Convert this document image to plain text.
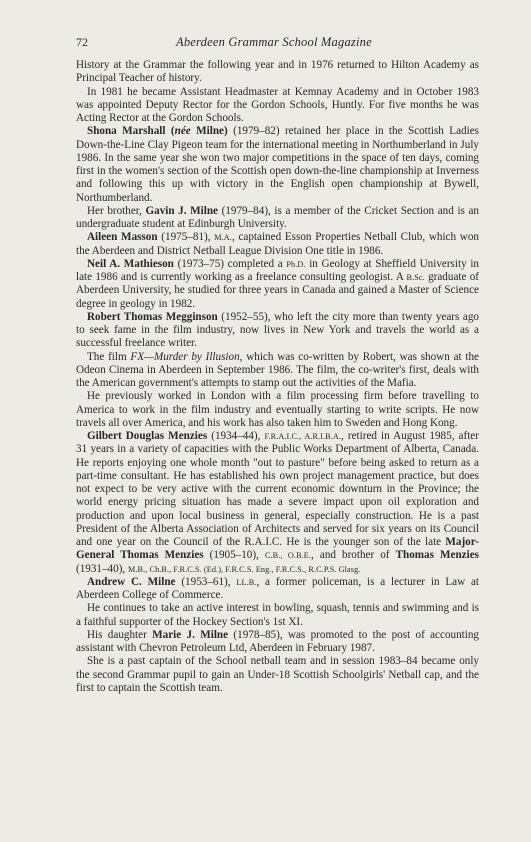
72	Aberdeen Grammar School Magazine

History at the Grammar the following year and in 1976 returned to Hilton Academy as Principal Teacher of history.

In 1981 he became Assistant Headmaster at Kemnay Academy and in October 1983 was appointed Deputy Rector for the Gordon Schools, Huntly. For five months he was Acting Rector at the Gordon Schools.

Shona Marshall (née Milne) (1979–82) retained her place in the Scottish Ladies Down-the-Line Clay Pigeon team for the international meeting in Northumberland in July 1986. In the same year she won two major competitions in the space of ten days, coming first in the women's section of the Scottish open down-the-line championship at Inverness and following this up with victory in the English open championship at Bywell, Northumberland.

Her brother, Gavin J. Milne (1979–84), is a member of the Cricket Section and is an undergraduate student at Edinburgh University.

Aileen Masson (1975–81), M.A., captained Esson Properties Netball Club, which won the Aberdeen and District Netball League Division One title in 1986.

Neil A. Mathieson (1973–75) completed a Ph.D. in Geology at Sheffield University in late 1986 and is currently working as a freelance consulting geologist. A B.Sc. graduate of Aberdeen University, he studied for three years in Canada and gained a Master of Science degree in geology in 1982.

Robert Thomas Megginson (1952–55), who left the city more than twenty years ago to seek fame in the film industry, now lives in New York and travels the world as a successful freelance writer.

The film FX—Murder by Illusion, which was co-written by Robert, was shown at the Odeon Cinema in Aberdeen in September 1986. The film, the co-writer's first, deals with the American government's attempts to stamp out the activities of the Mafia.

He previously worked in London with a film processing firm before travelling to America to work in the film industry and eventually starting to write scripts. He now travels all over America, and his work has also taken him to Sweden and Hong Kong.

Gilbert Douglas Menzies (1934–44), F.R.A.I.C., A.R.I.B.A., retired in August 1985, after 31 years in a variety of capacities with the Public Works Department of Alberta, Canada. He reports enjoying one whole month "out to pasture" before being asked to return as a part-time consultant. He has established his own project management practice, but does not expect to be very active with the current economic downturn in the Province; the world energy pricing situation has made a severe impact upon oil exploration and production and upon local business in general, especially construction. He is a past President of the Alberta Association of Architects and served for six years on its Council and one year on the Council of the R.A.I.C. He is the younger son of the late Major-General Thomas Menzies (1905–10), C.B., O.B.E., and brother of Thomas Menzies (1931–40), M.B., Ch.B., F.R.C.S. (Ed.), F.R.C.S. Eng., F.R.C.S., R.C.P.S. Glasg.

Andrew C. Milne (1953–61), LL.B., a former policeman, is a lecturer in Law at Aberdeen College of Commerce.

He continues to take an active interest in bowling, squash, tennis and swimming and is a faithful supporter of the Hockey Section's 1st XI.

His daughter Marie J. Milne (1978–85), was promoted to the post of accounting assistant with Chevron Petroleum Ltd, Aberdeen in February 1987.

She is a past captain of the School netball team and in session 1983–84 became only the second Grammar pupil to gain an Under-18 Scottish Schoolgirls' Netball cap, and the first to captain the Scottish team.
